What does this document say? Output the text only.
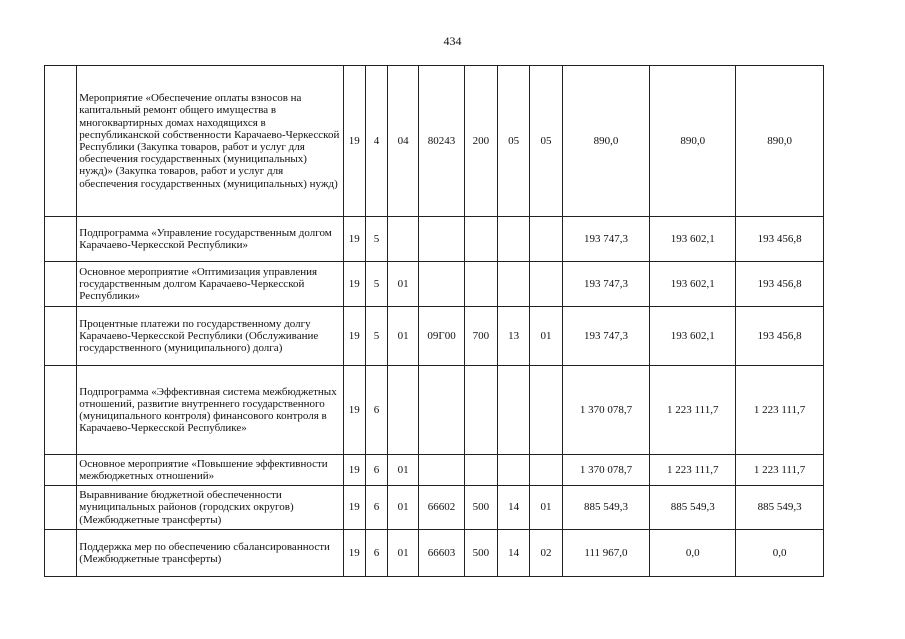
434
	Мероприятие «Обеспечение оплаты взносов на капитальный ремонт общего имущества в многоквартирных домах находящихся в республиканской собственности Карачаево-Черкесской Республики (Закупка товаров, работ и услуг для обеспечения государственных (муниципальных) нужд)» (Закупка товаров, работ и услуг для обеспечения государственных (муниципальных) нужд)	19	4	04	80243	200	05	05	890,0	890,0	890,0
	Подпрограмма «Управление государственным долгом Карачаево-Черкесской Республики»	19	5						193 747,3	193 602,1	193 456,8
	Основное мероприятие «Оптимизация управления государственным долгом Карачаево-Черкесской Республики»	19	5	01					193 747,3	193 602,1	193 456,8
	Процентные платежи по государственному долгу Карачаево-Черкесской Республики (Обслуживание государственного (муниципального) долга)	19	5	01	09Г00	700	13	01	193 747,3	193 602,1	193 456,8
	Подпрограмма «Эффективная система межбюджетных отношений, развитие внутреннего государственного (муниципального контроля) финансового контроля в Карачаево-Черкесской Республике»	19	6						1 370 078,7	1 223 111,7	1 223 111,7
	Основное мероприятие «Повышение эффективности межбюджетных отношений»	19	6	01					1 370 078,7	1 223 111,7	1 223 111,7
	Выравнивание бюджетной обеспеченности муниципальных районов (городских округов) (Межбюджетные трансферты)	19	6	01	66602	500	14	01	885 549,3	885 549,3	885 549,3
	Поддержка мер по обеспечению сбалансированности (Межбюджетные трансферты)	19	6	01	66603	500	14	02	111 967,0	0,0	0,0
